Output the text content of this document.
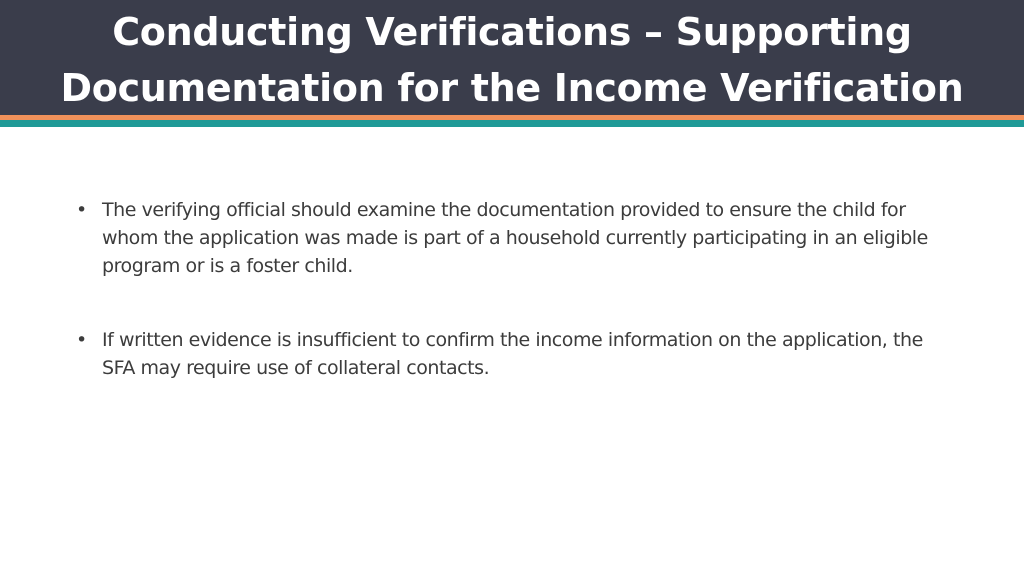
Conducting Verifications – Supporting
Documentation for the Income Verification
• The verifying official should examine the documentation provided to ensure the child for whom the application was made is part of a household currently participating in an eligible program or is a foster child.
• If written evidence is insufficient to confirm the income information on the application, the SFA may require use of collateral contacts.
